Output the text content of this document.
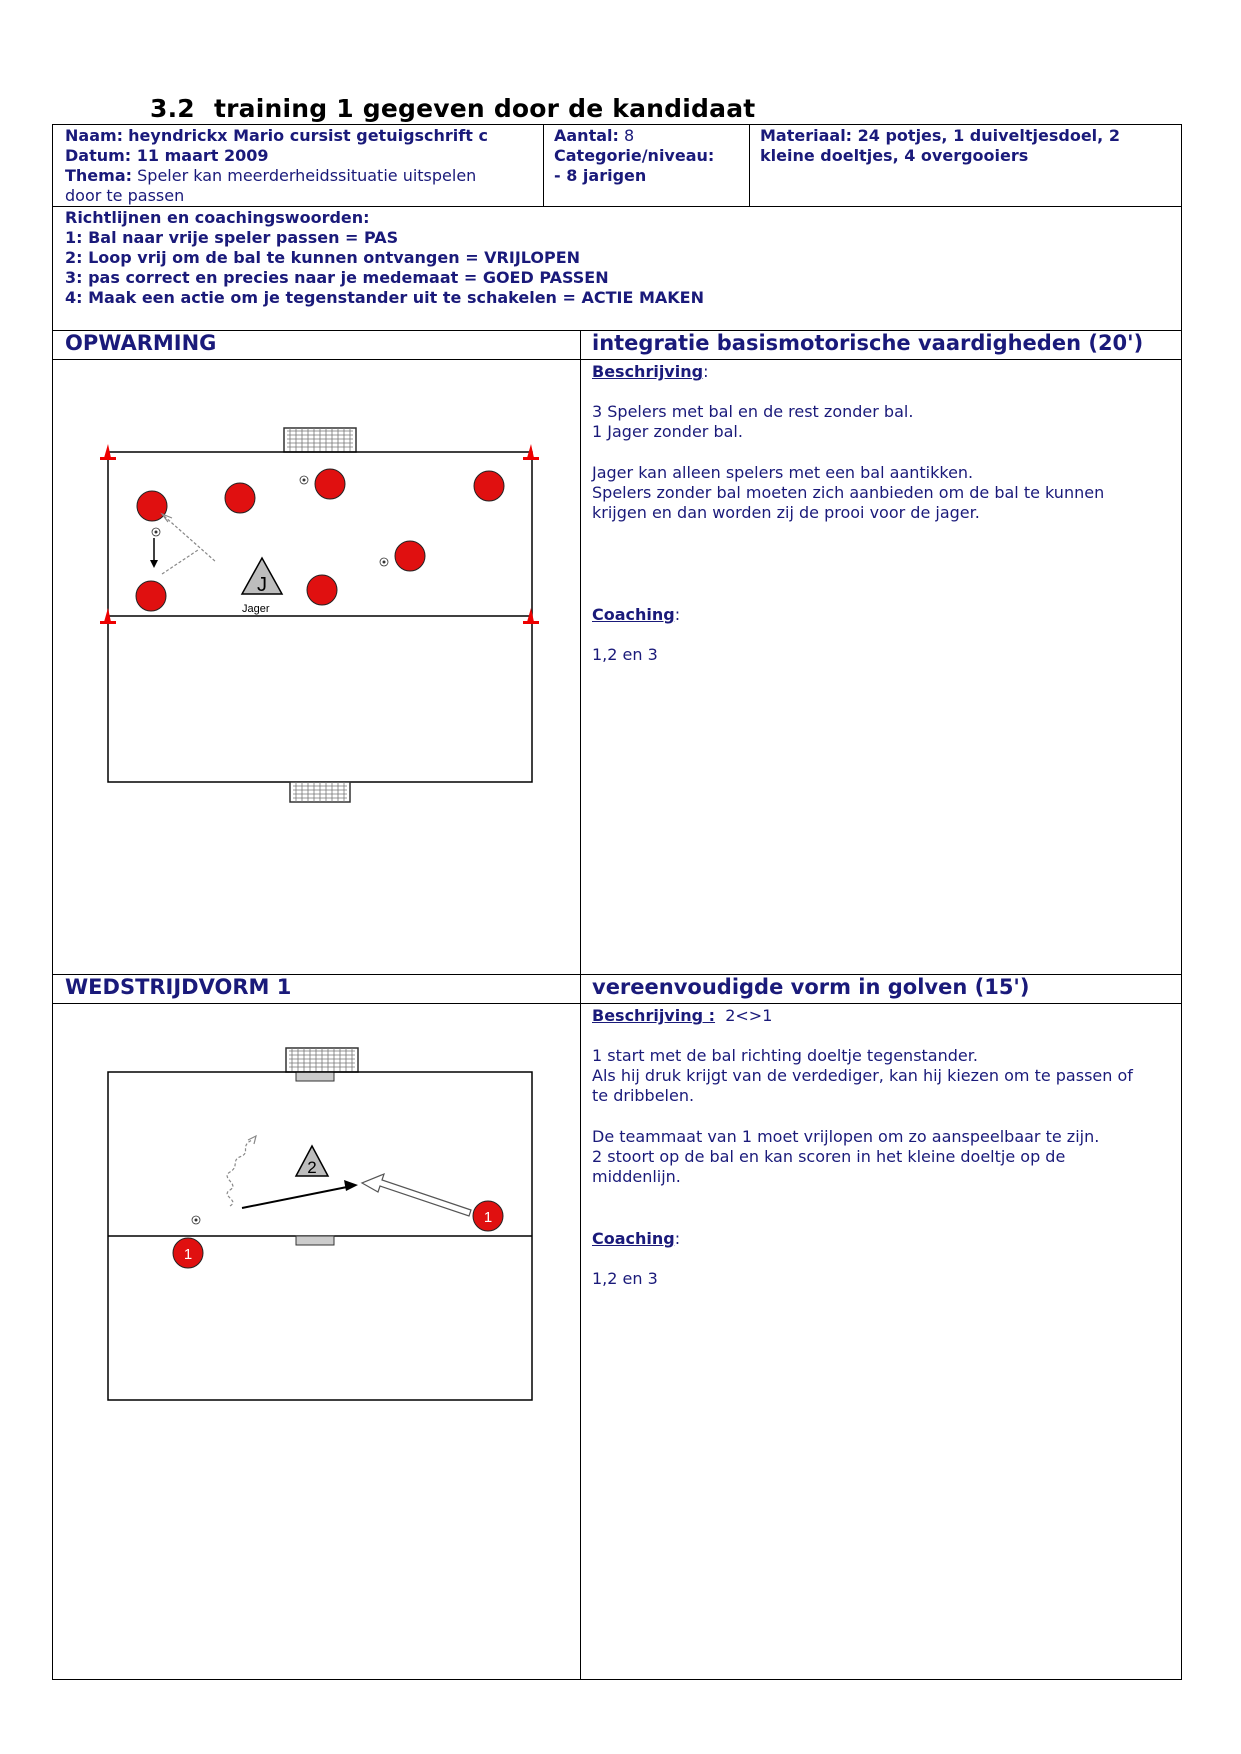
3.2 training 1 gegeven door de kandidaat
Naam: heyndrickx Mario cursist getuigschrift c
Datum: 11 maart 2009
Thema: Speler kan meerderheidssituatie uitspelen
door te passen
Aantal: 8
Categorie/niveau:
- 8 jarigen
Materiaal: 24 potjes, 1 duiveltjesdoel, 2
kleine doeltjes, 4 overgooiers
Richtlijnen en coachingswoorden:
1: Bal naar vrije speler passen = PAS
2: Loop vrij om de bal te kunnen ontvangen = VRIJLOPEN
3: pas correct en precies naar je medemaat = GOED PASSEN
4: Maak een actie om je tegenstander uit te schakelen = ACTIE MAKEN
OPWARMING	integratie basismotorische vaardigheden (20')
Beschrijving:
3 Spelers met bal en de rest zonder bal.
1 Jager zonder bal.
Jager kan alleen spelers met een bal aantikken.
Spelers zonder bal moeten zich aanbieden om de bal te kunnen
krijgen en dan worden zij de prooi voor de jager.
Coaching:
1,2 en 3
J
Jager
WEDSTRIJDVORM 1	vereenvoudigde vorm in golven (15')
Beschrijving : 2<>1
1 start met de bal richting doeltje tegenstander.
Als hij druk krijgt van de verdediger, kan hij kiezen om te passen of
te dribbelen.
De teammaat van 1 moet vrijlopen om zo aanspeelbaar te zijn.
2 stoort op de bal en kan scoren in het kleine doeltje op de
middenlijn.
Coaching:
1,2 en 3
2
1
1
